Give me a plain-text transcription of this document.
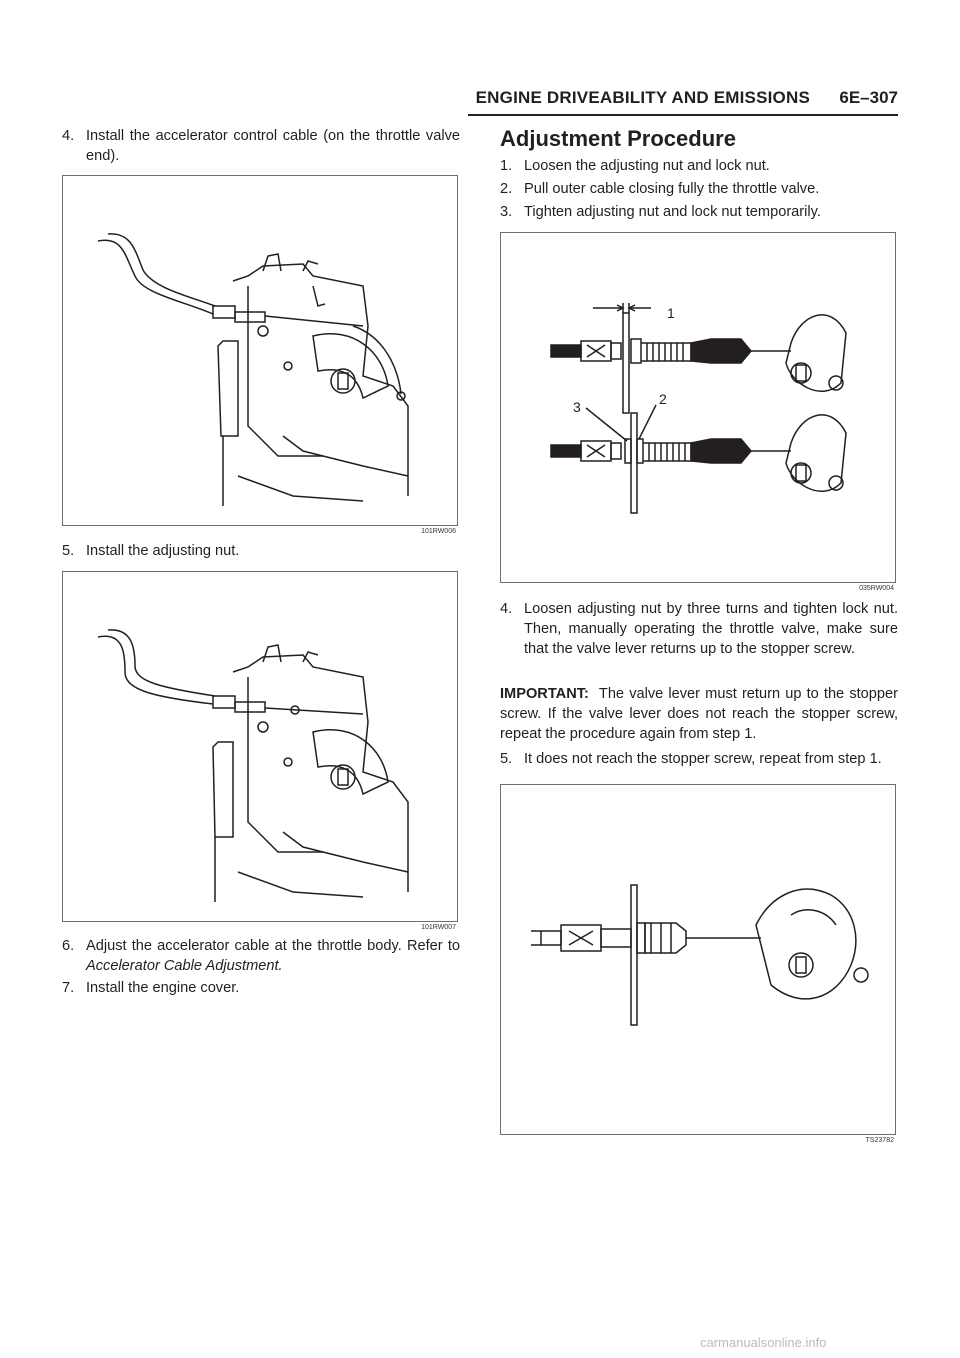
ENGINE DRIVEABILITY AND EMISSIONS	6E–307
4. Install the accelerator control cable (on the throttle valve end).
101RW006
5. Install the adjusting nut.
101RW007
6. Adjust the accelerator cable at the throttle body. Refer to Accelerator Cable Adjustment.
7. Install the engine cover.
Adjustment Procedure
1. Loosen the adjusting nut and lock nut.
2. Pull outer cable closing fully the throttle valve.
3. Tighten adjusting nut and lock nut temporarily.
1
2
3
035RW004
4. Loosen adjusting nut by three turns and tighten lock nut. Then, manually operating the throttle valve, make sure that the valve lever returns up to the stopper screw.
IMPORTANT: The valve lever must return up to the stopper screw. If the valve lever does not reach the stopper screw, repeat the procedure again from step 1.
5. It does not reach the stopper screw, repeat from step 1.
TS23782
carmanualsonline.info
